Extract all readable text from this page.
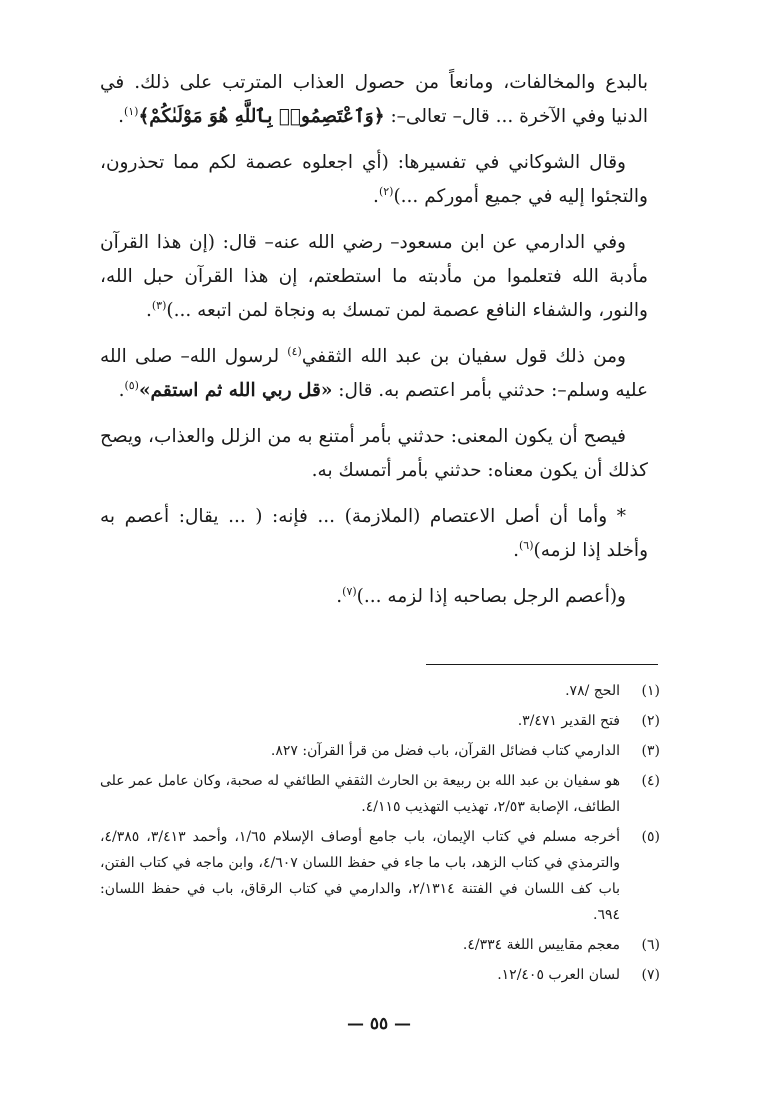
بالبدع والمخالفات، ومانعاً من حصول العذاب المترتب على ذلك. في الدنيا وفي الآخرة ... قال– تعالى–: ﴿وَٱعْتَصِمُوا۟ بِٱللَّهِ هُوَ مَوْلَىٰكُمْ﴾$^{(١)}$.

وقال الشوكاني في تفسيرها: (أي اجعلوه عصمة لكم مما تحذرون، والتجئوا إليه في جميع أموركم ...)$^{(٢)}$.

وفي الدارمي عن ابن مسعود– رضي الله عنه– قال: (إن هذا القرآن مأدبة الله فتعلموا من مأدبته ما استطعتم، إن هذا القرآن حبل الله، والنور، والشفاء النافع عصمة لمن تمسك به ونجاة لمن اتبعه ...)$^{(٣)}$.

ومن ذلك قول سفيان بن عبد الله الثقفي$^{(٤)}$ لرسول الله– صلى الله عليه وسلم–: حدثني بأمر اعتصم به. قال: «قل ربي الله ثم استقم»$^{(٥)}$.

فيصح أن يكون المعنى: حدثني بأمر أمتنع به من الزلل والعذاب، ويصح كذلك أن يكون معناه: حدثني بأمر أتمسك به.

* وأما أن أصل الاعتصام (الملازمة) ... فإنه: ( ... يقال: أعصم به وأخلد إذا لزمه)$^{(٦)}$.

و(أعصم الرجل بصاحبه إذا لزمه ...)$^{(٧)}$.

(١)
الحج /٧٨.
(٢)
فتح القدير ٣/٤٧١.
(٣)
الدارمي كتاب فضائل القرآن، باب فضل من قرأ القرآن: ٨٢٧.
(٤)
هو سفيان بن عبد الله بن ربيعة بن الحارث الثقفي الطائفي له صحبة، وكان عامل عمر على الطائف، الإصابة ٢/٥٣، تهذيب التهذيب ٤/١١٥.
(٥)
أخرجه مسلم في كتاب الإيمان، باب جامع أوصاف الإسلام ١/٦٥، وأحمد ٣/٤١٣، ٤/٣٨٥، والترمذي في كتاب الزهد، باب ما جاء في حفظ اللسان ٤/٦٠٧، وابن ماجه في كتاب الفتن، باب كف اللسان في الفتنة ٢/١٣١٤، والدارمي في كتاب الرقاق، باب في حفظ اللسان: ٦٩٤.
(٦)
معجم مقاييس اللغة ٤/٣٣٤.
(٧)
لسان العرب ١٢/٤٠٥.
— ٥٥ —
